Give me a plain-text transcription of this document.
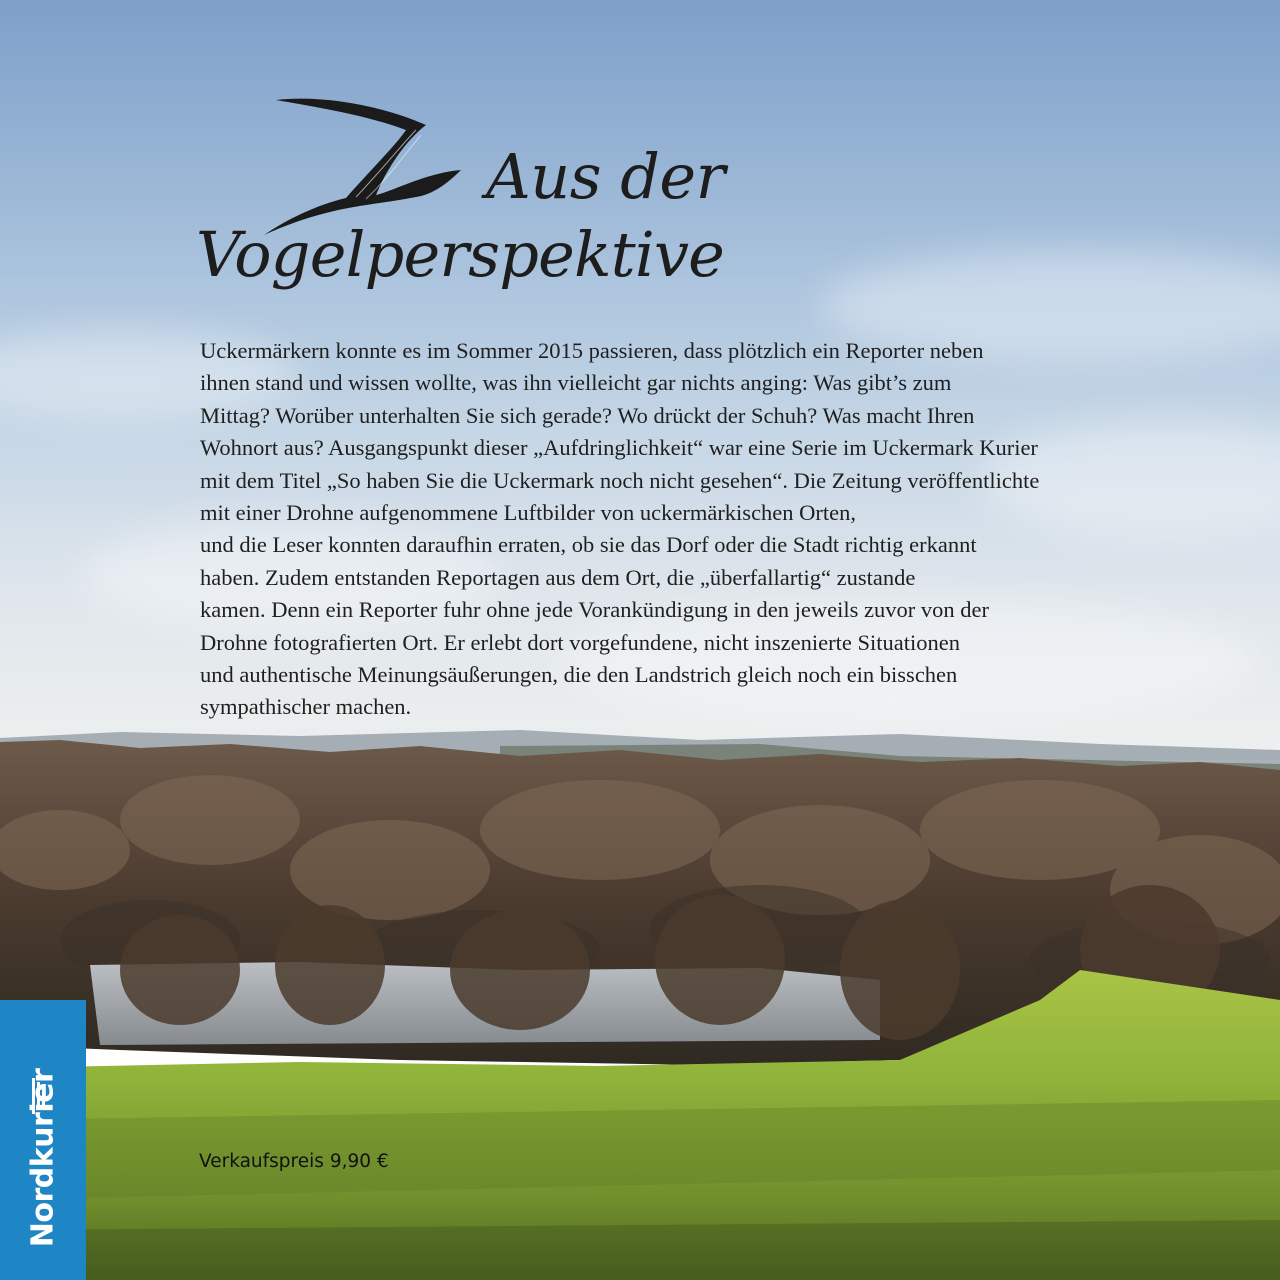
Aus der
Vogelperspektive
Uckermärkern konnte es im Sommer 2015 passieren, dass plötzlich ein Reporter neben
ihnen stand und wissen wollte, was ihn vielleicht gar nichts anging: Was gibt’s zum
Mittag? Worüber unterhalten Sie sich gerade? Wo drückt der Schuh? Was macht Ihren
Wohnort aus? Ausgangspunkt dieser „Aufdringlichkeit“ war eine Serie im Uckermark Kurier
mit dem Titel „So haben Sie die Uckermark noch nicht gesehen“. Die Zeitung veröffentlichte
mit einer Drohne aufgenommene Luftbilder von uckermärkischen Orten,
und die Leser konnten daraufhin erraten, ob sie das Dorf oder die Stadt richtig erkannt
haben. Zudem entstanden Reportagen aus dem Ort, die „überfallartig“ zustande
kamen. Denn ein Reporter fuhr ohne jede Vorankündigung in den jeweils zuvor von der
Drohne fotografierten Ort. Er erlebt dort vorgefundene, nicht inszenierte Situationen
und authentische Meinungsäußerungen, die den Landstrich gleich noch ein bisschen
sympathischer machen.
Verkaufspreis 9,90 €
Nordkurier
